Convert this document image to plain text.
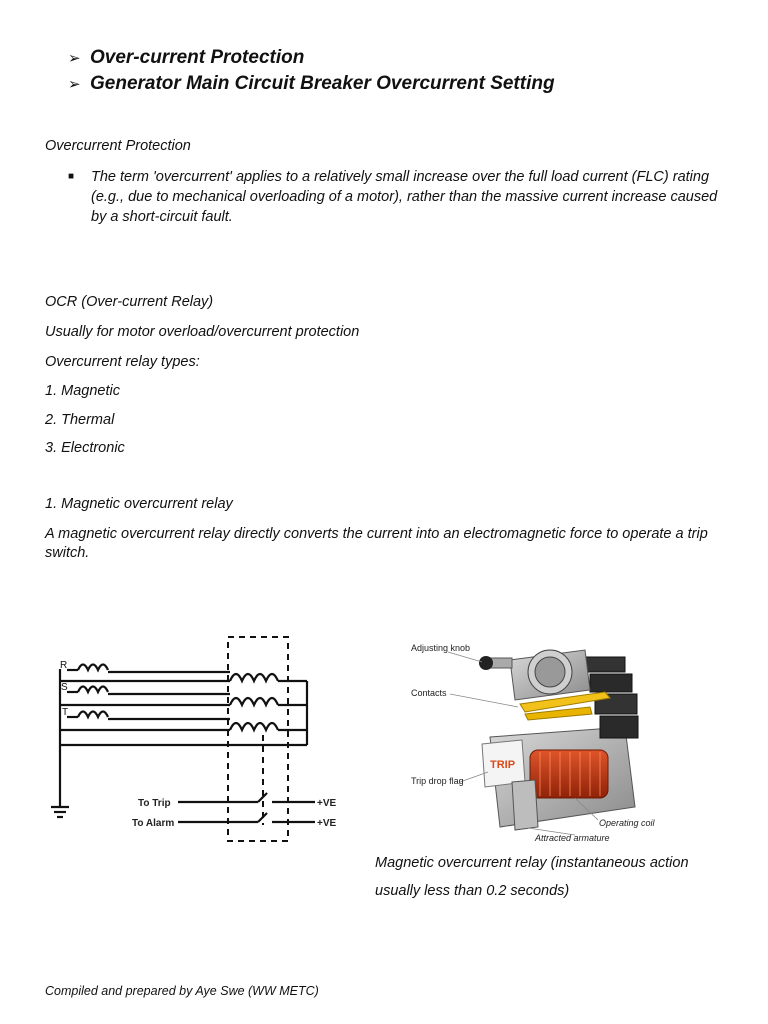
➢ Over-current Protection
➢ Generator Main Circuit Breaker Overcurrent Setting
Overcurrent Protection
■ The term 'overcurrent' applies to a relatively small increase over the full load current (FLC) rating (e.g., due to mechanical overloading of a motor), rather than the massive current increase caused by a short-circuit fault.
OCR (Over-current Relay)
Usually for motor overload/overcurrent protection
Overcurrent relay types:
1. Magnetic
2. Thermal
3. Electronic
1. Magnetic overcurrent relay
A magnetic overcurrent relay directly converts the current into an electromagnetic force to operate a trip switch.
R
S
T
To Trip
To Alarm
+VE
+VE
TRIP
Adjusting knob
Contacts
Trip drop flag
Operating coil
Attracted armature
Magnetic overcurrent relay (instantaneous action
usually less than 0.2 seconds)
Compiled and prepared by Aye Swe (WW METC)
